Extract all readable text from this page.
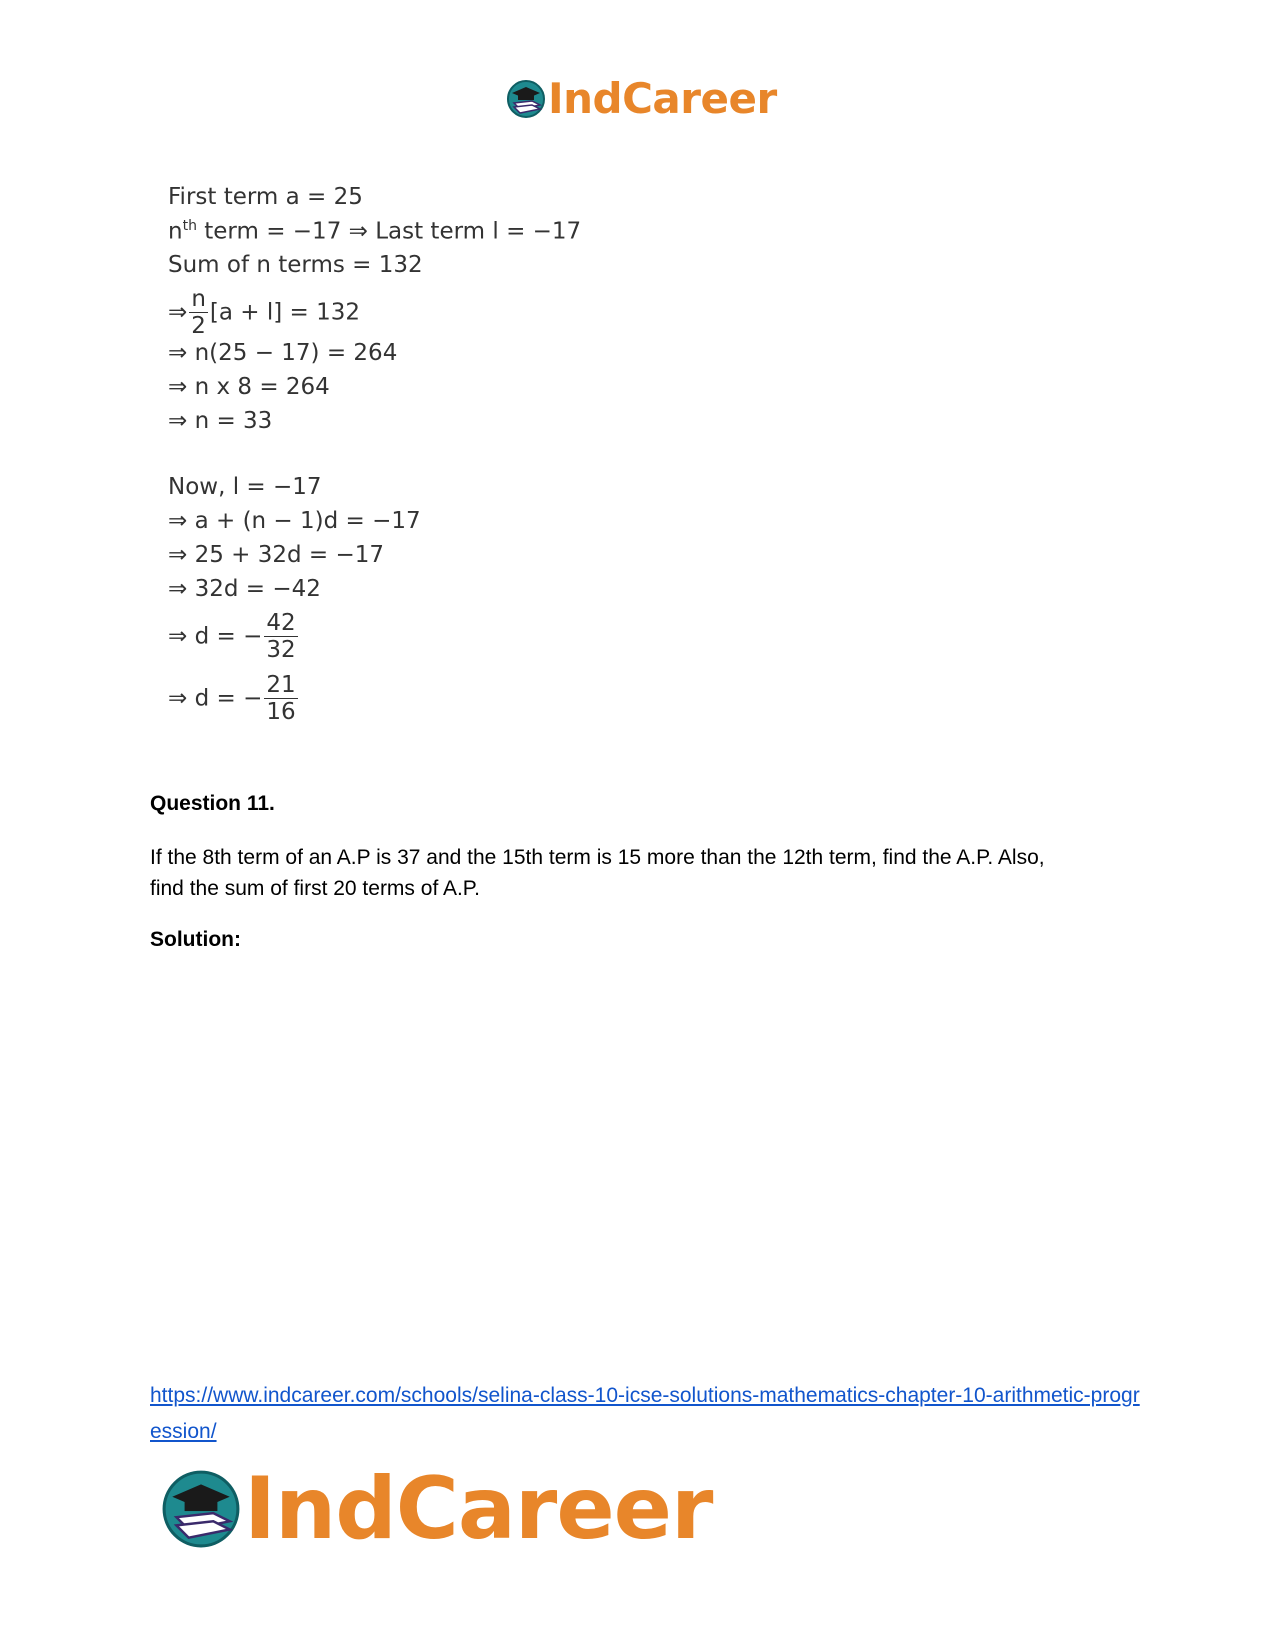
IndCareer
First term a = 25
$n^{th}$ term = −17 ⇒ Last term l = −17
Sum of n terms = 132
⇒ $\frac{n}{2} [a + l] = 132$
⇒ n(25 − 17) = 264
⇒ n x 8 = 264
⇒ n = 33
Now, l = −17
⇒ a + (n − 1)d = −17
⇒ 25 + 32d = −17
⇒ 32d = −42
⇒ d = − $\frac{42}{32}$
⇒ d = − $\frac{21}{16}$
Question 11.
If the 8th term of an A.P is 37 and the 15th term is 15 more than the 12th term, find the A.P. Also, find the sum of first 20 terms of A.P.
Solution:
https://www.indcareer.com/schools/selina-class-10-icse-solutions-mathematics-chapter-10-arithmetic-progression/
IndCareer
